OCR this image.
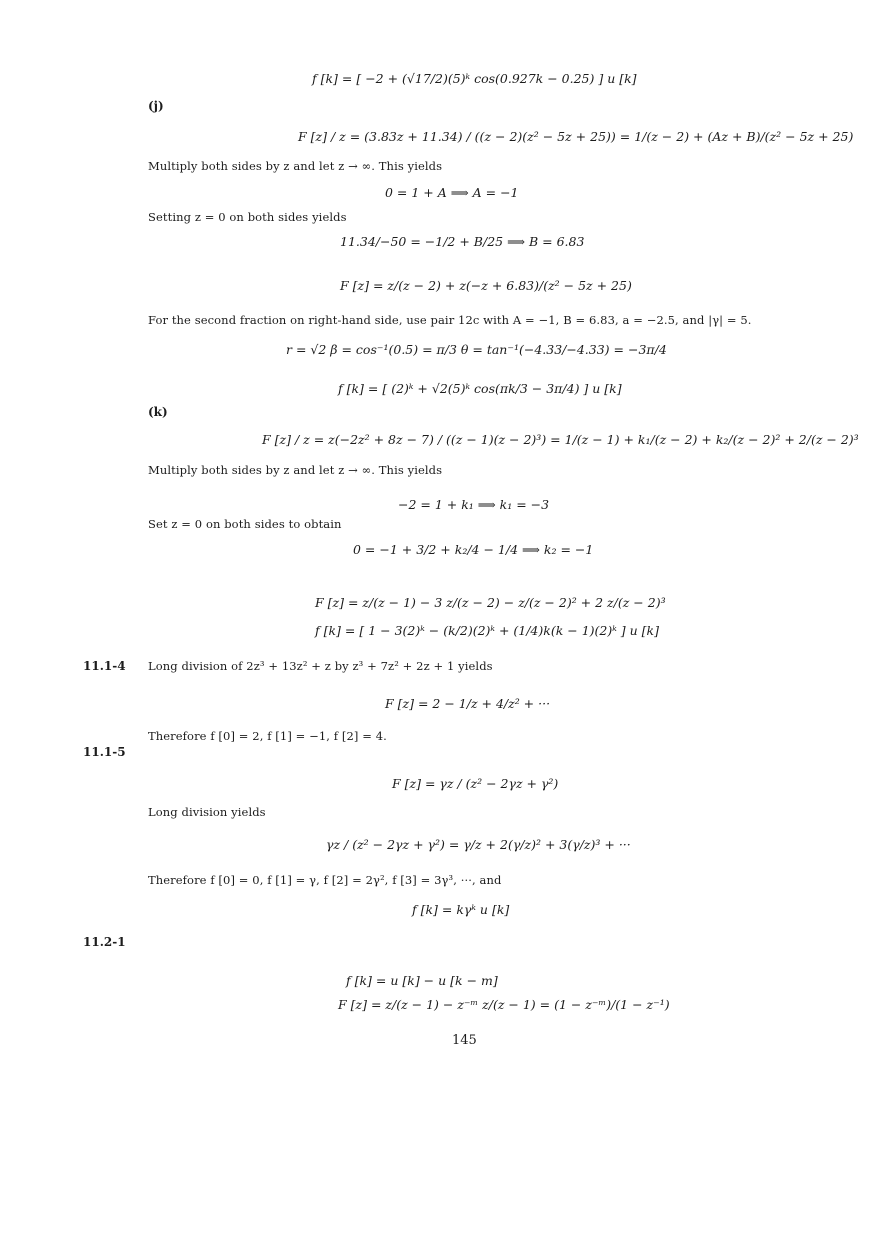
f [k] = [ −2 + (√17/2)(5)ᵏ cos(0.927k − 0.25) ] u [k]
(j)
F [z] / z = (3.83z + 11.34) / ((z − 2)(z² − 5z + 25)) = 1/(z − 2) + (Az + B)/(z² − 5z + 25)
Multiply both sides by z and let z → ∞. This yields
0 = 1 + A ⟹ A = −1
Setting z = 0 on both sides yields
11.34/−50 = −1/2 + B/25 ⟹ B = 6.83
F [z] = z/(z − 2) + z(−z + 6.83)/(z² − 5z + 25)
For the second fraction on right-hand side, use pair 12c with A = −1, B = 6.83, a = −2.5, and |γ| = 5.
r = √2 β = cos⁻¹(0.5) = π/3 θ = tan⁻¹(−4.33/−4.33) = −3π/4
f [k] = [ (2)ᵏ + √2(5)ᵏ cos(πk/3 − 3π/4) ] u [k]
(k)
F [z] / z = z(−2z² + 8z − 7) / ((z − 1)(z − 2)³) = 1/(z − 1) + k₁/(z − 2) + k₂/(z − 2)² + 2/(z − 2)³
Multiply both sides by z and let z → ∞. This yields
−2 = 1 + k₁ ⟹ k₁ = −3
Set z = 0 on both sides to obtain
0 = −1 + 3/2 + k₂/4 − 1/4 ⟹ k₂ = −1
F [z] = z/(z − 1) − 3 z/(z − 2) − z/(z − 2)² + 2 z/(z − 2)³
f [k] = [ 1 − 3(2)ᵏ − (k/2)(2)ᵏ + (1/4)k(k − 1)(2)ᵏ ] u [k]
11.1-4 Long division of 2z³ + 13z² + z by z³ + 7z² + 2z + 1 yields
F [z] = 2 − 1/z + 4/z² + ···
Therefore f [0] = 2, f [1] = −1, f [2] = 4.
11.1-5
F [z] = γz / (z² − 2γz + γ²)
Long division yields
γz / (z² − 2γz + γ²) = γ/z + 2(γ/z)² + 3(γ/z)³ + ···
Therefore f [0] = 0, f [1] = γ, f [2] = 2γ², f [3] = 3γ³, ···, and
f [k] = kγᵏ u [k]
11.2-1
f [k] = u [k] − u [k − m]
F [z] = z/(z − 1) − z⁻ᵐ z/(z − 1) = (1 − z⁻ᵐ)/(1 − z⁻¹)
145
